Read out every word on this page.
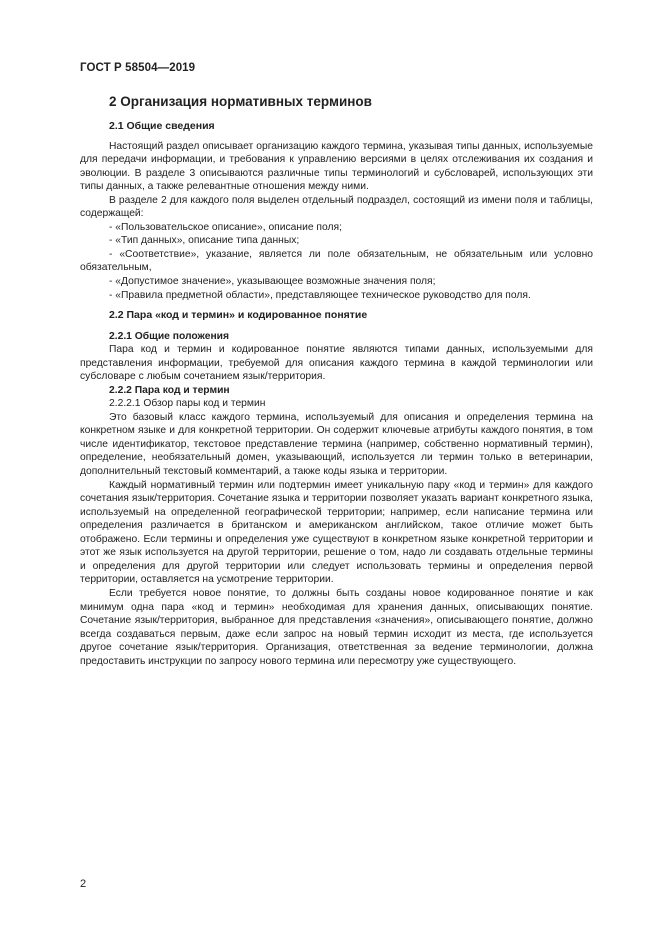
ГОСТ Р 58504—2019
2 Организация нормативных терминов
2.1 Общие сведения

Настоящий раздел описывает организацию каждого термина, указывая типы данных, используемые для передачи информации, и требования к управлению версиями в целях отслеживания их создания и эволюции. В разделе 3 описываются различные типы терминологий и субсловарей, использующих эти типы данных, а также релевантные отношения между ними.

В разделе 2 для каждого поля выделен отдельный подраздел, состоящий из имени поля и таблицы, содержащей:

- «Пользовательское описание», описание поля;
- «Тип данных», описание типа данных;
- «Соответствие», указание, является ли поле обязательным, не обязательным или условно обязательным,
- «Допустимое значение», указывающее возможные значения поля;
- «Правила предметной области», представляющее техническое руководство для поля.
2.2 Пара «код и термин» и кодированное понятие
2.2.1 Общие положения

Пара код и термин и кодированное понятие являются типами данных, используемыми для представления информации, требуемой для описания каждого термина в каждой терминологии или субсловаре с любым сочетанием язык/территория.

2.2.2 Пара код и термин
2.2.2.1 Обзор пары код и термин

Это базовый класс каждого термина, используемый для описания и определения термина на конкретном языке и для конкретной территории. Он содержит ключевые атрибуты каждого понятия, в том числе идентификатор, текстовое представление термина (например, собственно нормативный термин), определение, необязательный домен, указывающий, используется ли термин только в ветеринарии, дополнительный текстовый комментарий, а также коды языка и территории.

Каждый нормативный термин или подтермин имеет уникальную пару «код и термин» для каждого сочетания язык/территория. Сочетание языка и территории позволяет указать вариант конкретного языка, используемый на определенной географической территории; например, если написание термина или определения различается в британском и американском английском, такое отличие может быть отображено. Если термины и определения уже существуют в конкретном языке конкретной территории и этот же язык используется на другой территории, решение о том, надо ли создавать отдельные термины и определения для другой территории или следует использовать термины и определения первой территории, оставляется на усмотрение территории.

Если требуется новое понятие, то должны быть созданы новое кодированное понятие и как минимум одна пара «код и термин» необходимая для хранения данных, описывающих понятие. Сочетание язык/территория, выбранное для представления «значения», описывающего понятие, должно всегда создаваться первым, даже если запрос на новый термин исходит из места, где используется другое сочетание язык/территория. Организация, ответственная за ведение терминологии, должна предоставить инструкции по запросу нового термина или пересмотру уже существующего.

2
